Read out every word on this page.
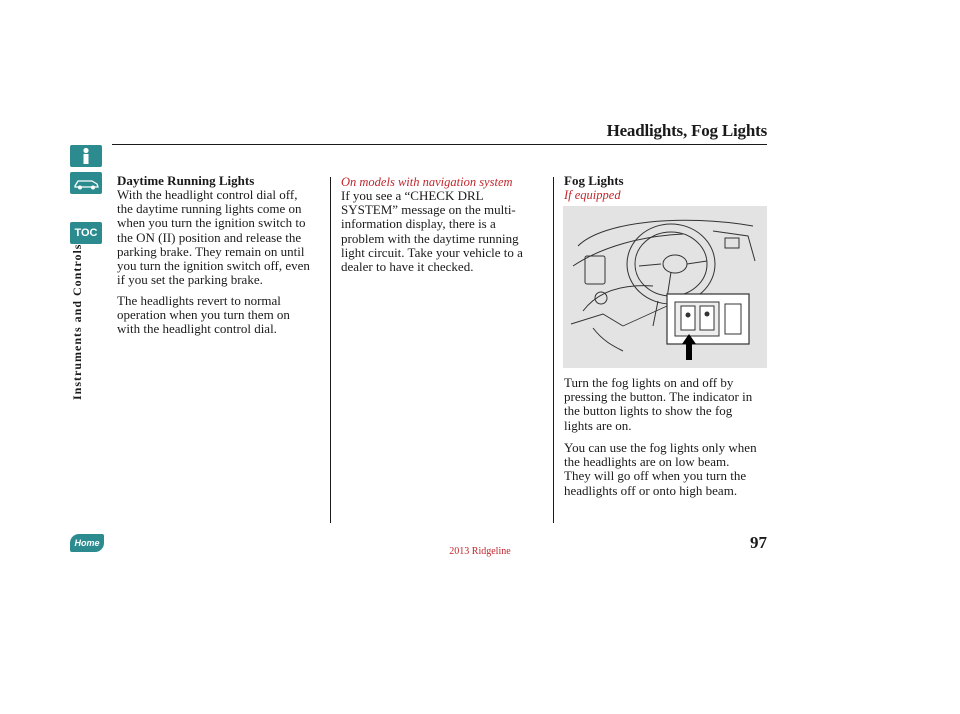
Headlights, Fog Lights
TOC
Instruments and Controls
Home
Daytime Running Lights

With the headlight control dial off,
the daytime running lights come on
when you turn the ignition switch to
the ON (II) position and release the
parking brake. They remain on until
you turn the ignition switch off, even
if you set the parking brake.

The headlights revert to normal
operation when you turn them on
with the headlight control dial.

On models with navigation system

If you see a “CHECK DRL
SYSTEM” message on the multi-
information display, there is a
problem with the daytime running
light circuit. Take your vehicle to a
dealer to have it checked.

Fog Lights
If equipped

Turn the fog lights on and off by
pressing the button. The indicator in
the button lights to show the fog
lights are on.

You can use the fog lights only when
the headlights are on low beam.
They will go off when you turn the
headlights off or onto high beam.

97
2013 Ridgeline
